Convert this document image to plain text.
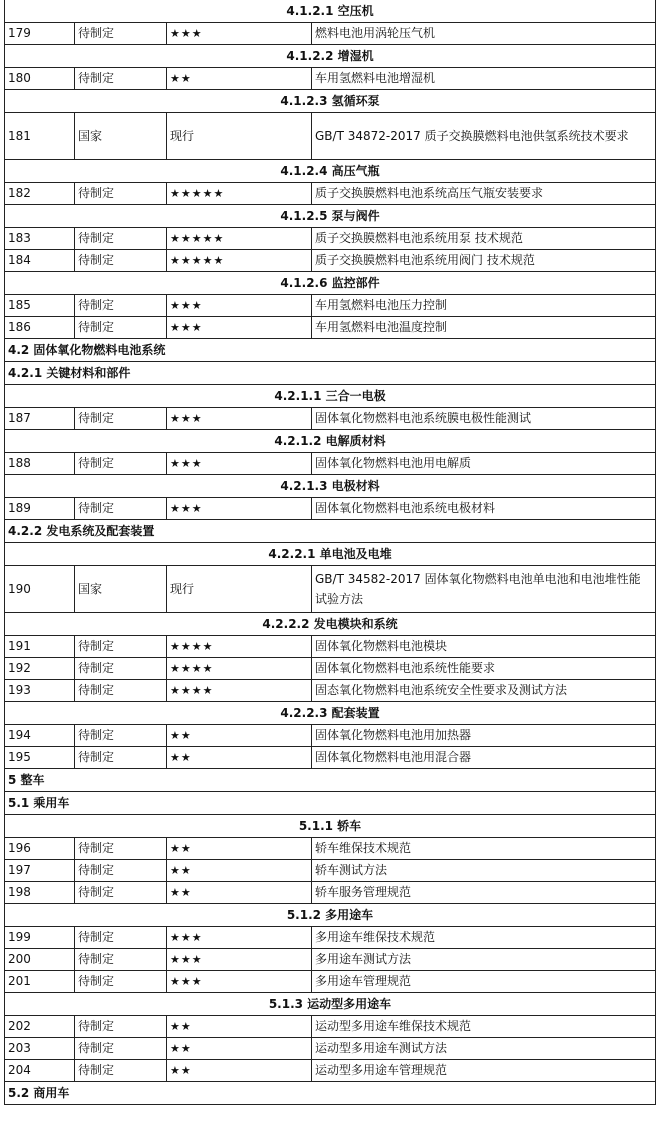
4.1.2.1 空压机			
179	待制定	★★★	燃料电池用涡轮压气机
4.1.2.2 增湿机			
180	待制定	★★	车用氢燃料电池增湿机
4.1.2.3 氢循环泵			
181	国家	现行	GB/T 34872-2017 质子交换膜燃料电池供氢系统技术要求
4.1.2.4 高压气瓶			
182	待制定	★★★★★	质子交换膜燃料电池系统高压气瓶安装要求
4.1.2.5 泵与阀件			
183	待制定	★★★★★	质子交换膜燃料电池系统用泵 技术规范
184	待制定	★★★★★	质子交换膜燃料电池系统用阀门 技术规范
4.1.2.6 监控部件			
185	待制定	★★★	车用氢燃料电池压力控制
186	待制定	★★★	车用氢燃料电池温度控制
4.2 固体氧化物燃料电池系统			
4.2.1 关键材料和部件			
4.2.1.1 三合一电极			
187	待制定	★★★	固体氧化物燃料电池系统膜电极性能测试
4.2.1.2 电解质材料			
188	待制定	★★★	固体氧化物燃料电池用电解质
4.2.1.3 电极材料			
189	待制定	★★★	固体氧化物燃料电池系统电极材料
4.2.2 发电系统及配套装置			
4.2.2.1 单电池及电堆			
190	国家	现行	GB/T 34582-2017 固体氧化物燃料电池单电池和电池堆性能试验方法
4.2.2.2 发电模块和系统			
191	待制定	★★★★	固体氧化物燃料电池模块
192	待制定	★★★★	固体氧化物燃料电池系统性能要求
193	待制定	★★★★	固态氧化物燃料电池系统安全性要求及测试方法
4.2.2.3 配套装置			
194	待制定	★★	固体氧化物燃料电池用加热器
195	待制定	★★	固体氧化物燃料电池用混合器
5 整车			
5.1 乘用车			
5.1.1 轿车			
196	待制定	★★	轿车维保技术规范
197	待制定	★★	轿车测试方法
198	待制定	★★	轿车服务管理规范
5.1.2 多用途车			
199	待制定	★★★	多用途车维保技术规范
200	待制定	★★★	多用途车测试方法
201	待制定	★★★	多用途车管理规范
5.1.3 运动型多用途车			
202	待制定	★★	运动型多用途车维保技术规范
203	待制定	★★	运动型多用途车测试方法
204	待制定	★★	运动型多用途车管理规范
5.2 商用车			
